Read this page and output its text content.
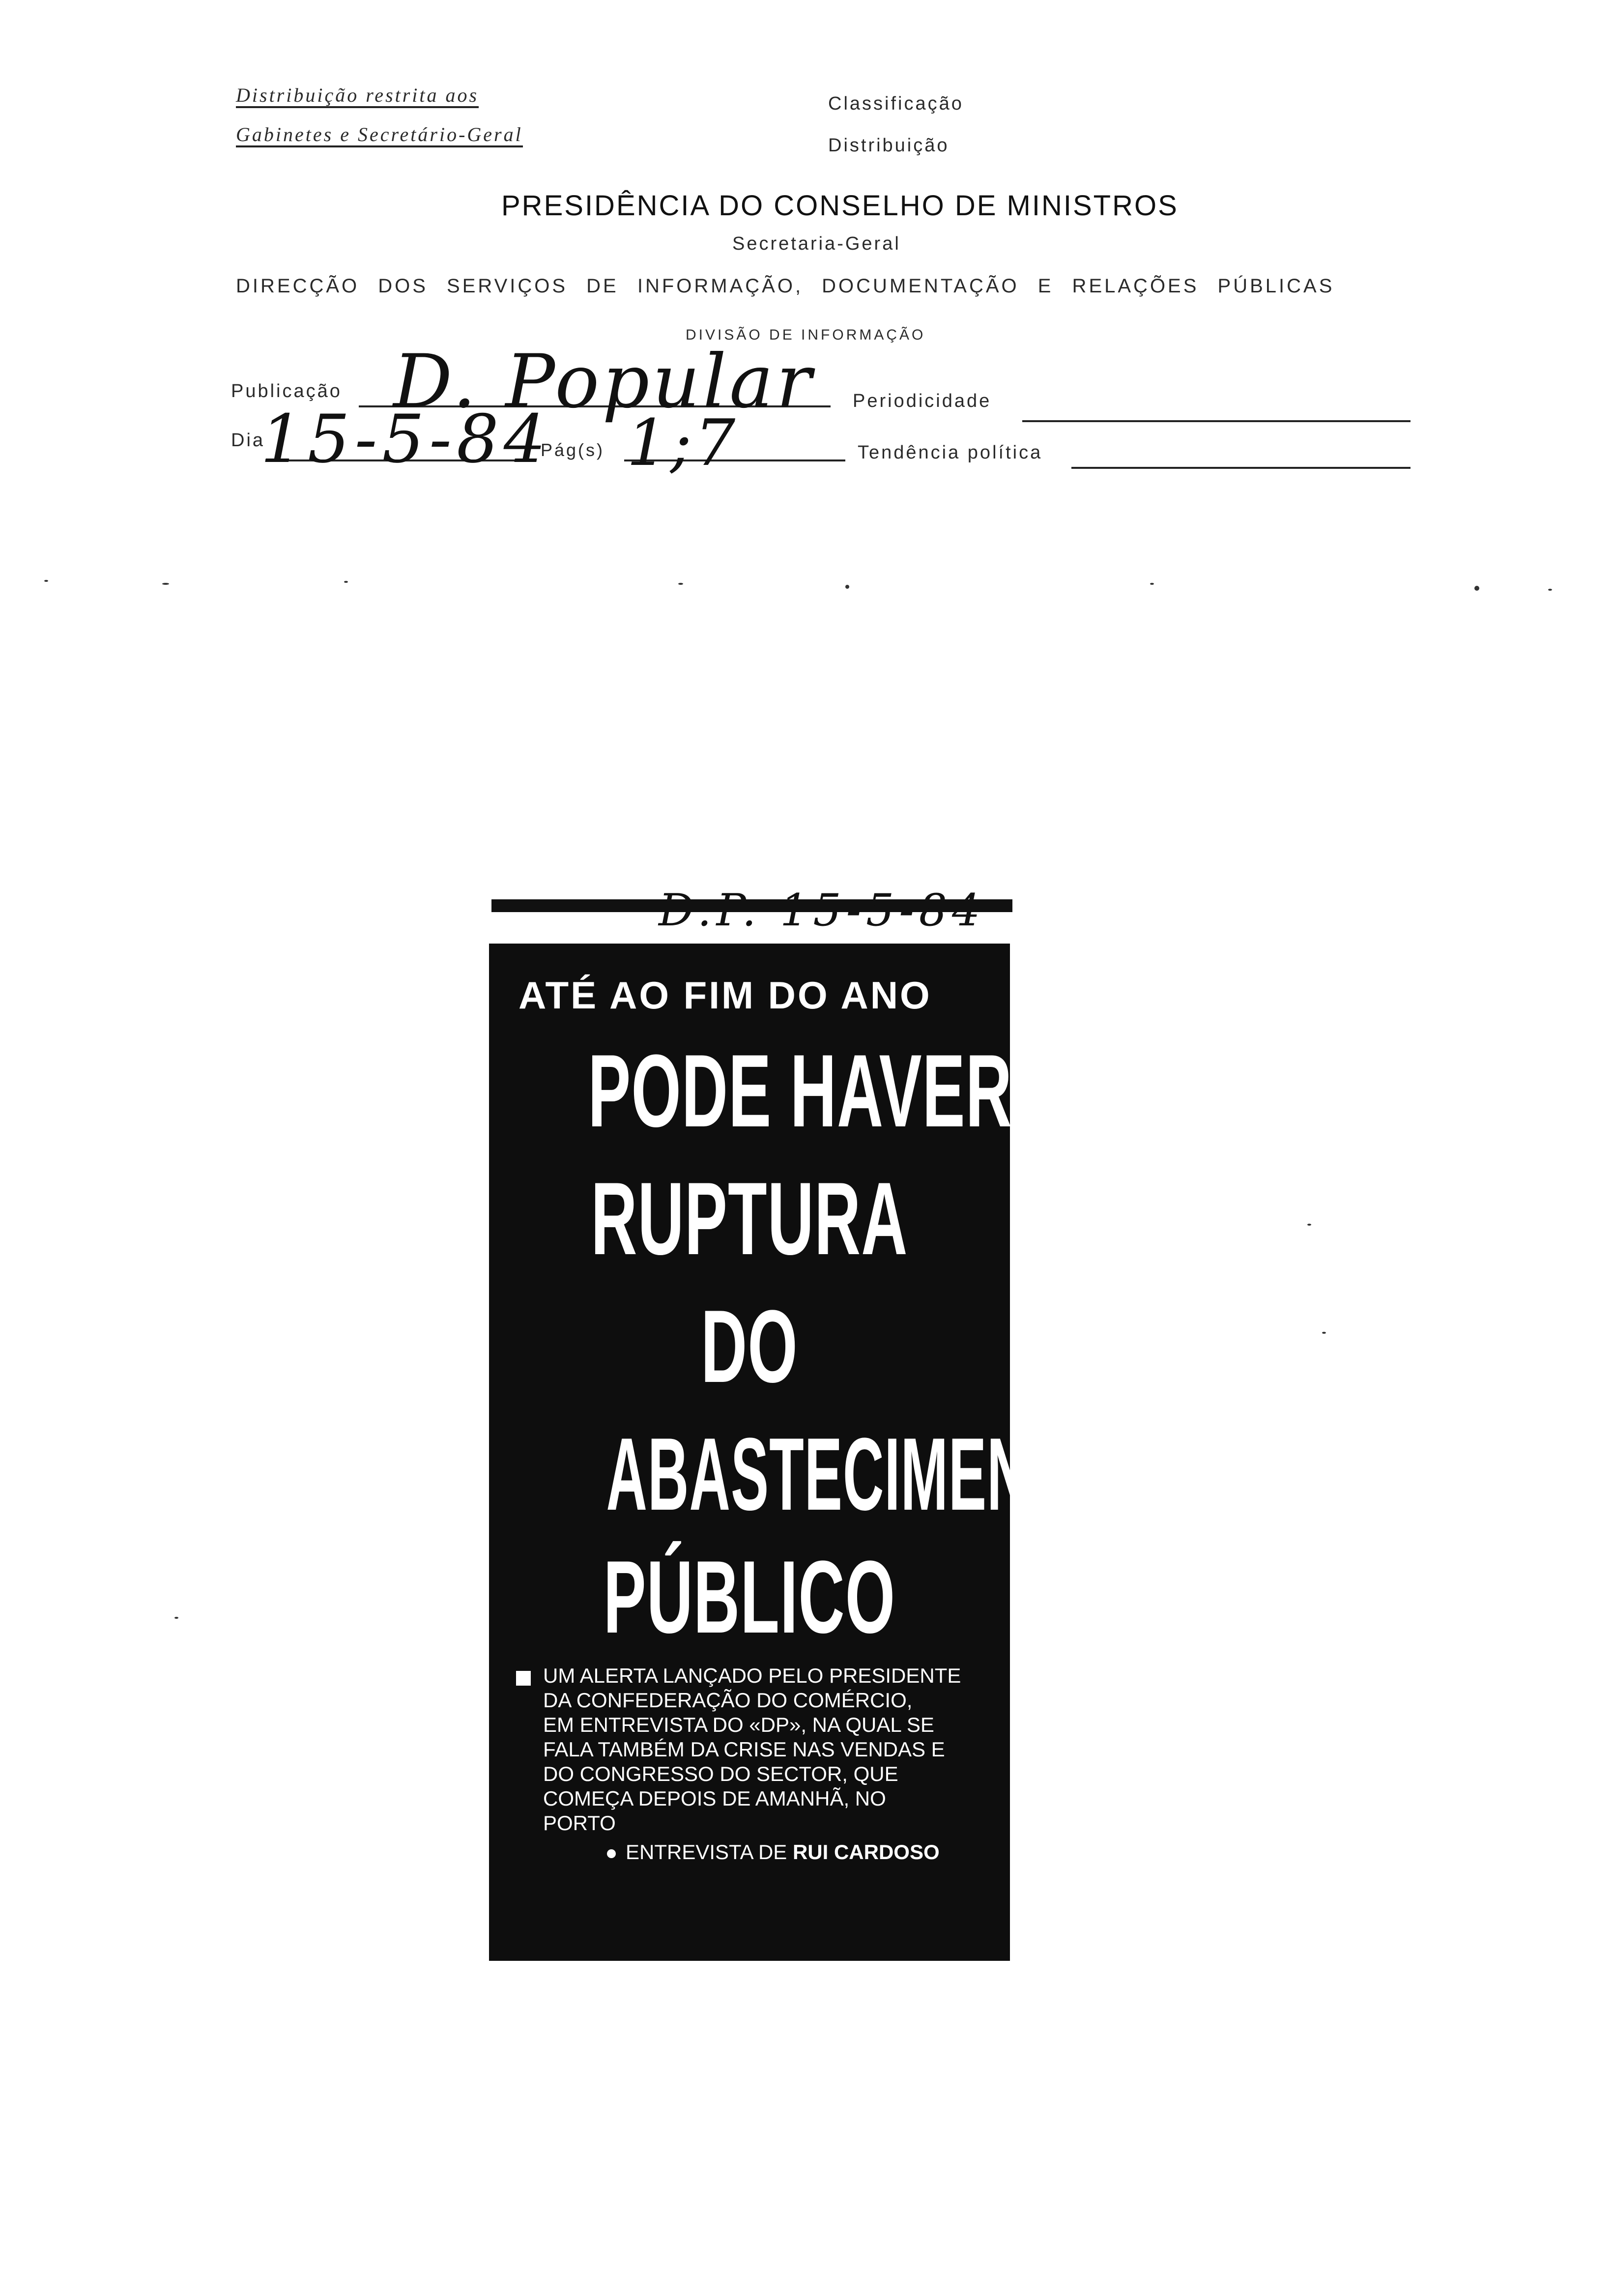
Distribuição restrita aos
Gabinetes e Secretário-Geral
Classificação
Distribuição
PRESIDÊNCIA DO CONSELHO DE MINISTROS
Secretaria-Geral
DIRECÇÃO DOS SERVIÇOS DE INFORMAÇÃO, DOCUMENTAÇÃO E RELAÇÕES PÚBLICAS
DIVISÃO DE INFORMAÇÃO
Publicação D. Popular Periodicidade
Dia
15-5-84
Pág(s) 1;7	Tendência política
D.P. 15-5-84
ATÉ AO FIM DO ANO
PODE HAVER
RUPTURA
DO
ABASTECIMENTO
PÚBLICO
UM ALERTA LANÇADO PELO PRESIDENTE
DA CONFEDERAÇÃO DO COMÉRCIO,
EM ENTREVISTA DO «DP», NA QUAL SE
FALA TAMBÉM DA CRISE NAS VENDAS E
DO CONGRESSO DO SECTOR, QUE
COMEÇA DEPOIS DE AMANHÃ, NO
PORTO
ENTREVISTA DE RUI CARDOSO
